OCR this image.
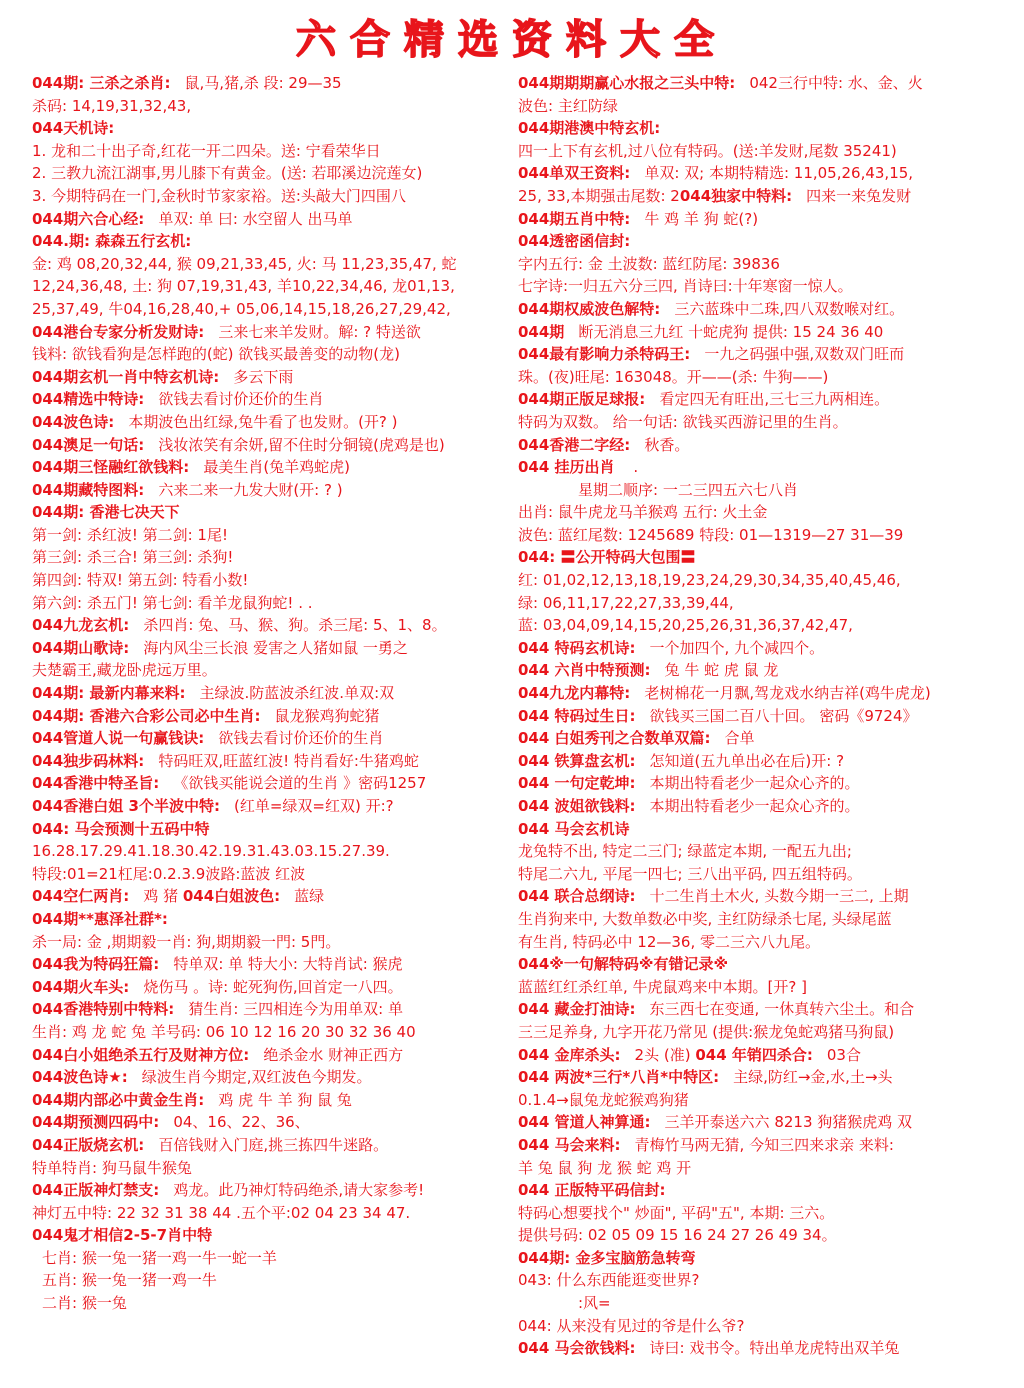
六合精选资料大全
044期: 三杀之杀肖: 鼠,马,猪,杀 段: 29—35
杀码: 14,19,31,32,43,
044天机诗:
1. 龙和二十出子奇,红花一开二四朵。送: 宁看荣华日
2. 三教九流江湖事,男儿膝下有黄金。(送: 若耶溪边浣莲女)
3. 今期特码在一门,金秋时节家家裕。送:头敲大门四围八
044期六合心经: 单双: 单 曰: 水空留人 出马单
044.期: 森森五行玄机:
金: 鸡 08,20,32,44, 猴 09,21,33,45, 火: 马 11,23,35,47, 蛇
12,24,36,48, 土: 狗 07,19,31,43, 羊10,22,34,46, 龙01,13,
25,37,49, 牛04,16,28,40,+ 05,06,14,15,18,26,27,29,42,
044港台专家分析发财诗: 三来七来羊发财。解: ? 特送欲
钱料: 欲钱看狗是怎样跑的(蛇) 欲钱买最善变的动物(龙)
044期玄机一肖中特玄机诗: 多云下雨
044精选中特诗: 欲钱去看讨价还价的生肖
044波色诗: 本期波色出红绿,兔牛看了也发财。(开? )
044澳足一句话: 浅妆浓笑有余妍,留不住时分铜镜(虎鸡是也)
044期三怪融红欲钱料: 最美生肖(兔羊鸡蛇虎)
044期藏特图料: 六来二来一九发大财(开: ? )
044期: 香港七决天下
第一剑: 杀红波! 第二剑: 1尾!
第三剑: 杀三合! 第三剑: 杀狗!
第四剑: 特双! 第五剑: 特看小数!
第六剑: 杀五门! 第七剑: 看羊龙鼠狗蛇! . .
044九龙玄机: 杀四肖: 兔、马、猴、狗。杀三尾: 5、1、8。
044期山歌诗: 海内风尘三长浪 爱害之人猪如鼠 一勇之
夫楚霸王,藏龙卧虎远万里。
044期: 最新内幕来料: 主绿波.防蓝波杀红波.单双:双
044期: 香港六合彩公司必中生肖: 鼠龙猴鸡狗蛇猪
044管道人说一句赢钱诀: 欲钱去看讨价还价的生肖
044独步码林料: 特码旺双,旺蓝红波! 特肖看好:牛猪鸡蛇
044香港中特圣旨: 《欲钱买能说会道的生肖 》密码1257
044香港白姐 3个半波中特: (红单=绿双=红双) 开:?
044: 马会预测十五码中特
16.28.17.29.41.18.30.42.19.31.43.03.15.27.39.
特段:01=21杠尾:0.2.3.9波路:蓝波 红波
044空仁两肖: 鸡 猪 044白姐波色: 蓝绿
044期**惠泽社群*:
杀一局: 金 ,期期毅一肖: 狗,期期毅一門: 5門。
044我为特码狂篇: 特单双: 单 特大小: 大特肖试: 猴虎
044期火车头: 烧伤马 。诗: 蛇死狗伤,回首定一八四。
044香港特别中特料: 猜生肖: 三四相连今为用单双: 单
生肖: 鸡 龙 蛇 兔 羊号码: 06 10 12 16 20 30 32 36 40
044白小姐绝杀五行及财神方位: 绝杀金水 财神正西方
044波色诗★: 绿波生肖今期定,双红波色今期发。
044期内部必中黄金生肖: 鸡 虎 牛 羊 狗 鼠 兔
044期预测四码中: 04、16、22、36、
044正版烧玄机: 百倍钱财入门庭,挑三拣四牛迷路。
特单特肖: 狗马鼠牛猴兔
044正版神灯禁支: 鸡龙。此乃神灯特码绝杀,请大家参考!
神灯五中特: 22 32 31 38 44 .五个平:02 04 23 34 47.
044鬼才相信2-5-7肖中特
七肖: 猴一兔一猪一鸡一牛一蛇一羊
五肖: 猴一兔一猪一鸡一牛
二肖: 猴一兔
044期期期赢心水报之三头中特: 042三行中特: 水、金、火
波色: 主红防绿
044期港澳中特玄机:
四一上下有玄机,过八位有特码。(送:羊发财,尾数 35241)
044单双王资料: 单双: 双; 本期特精选: 11,05,26,43,15,
25, 33,本期强击尾数: 2044独家中特料: 四来一来兔发财
044期五肖中特: 牛 鸡 羊 狗 蛇(?)
044透密函信封:
字内五行: 金 土波数: 蓝红防尾: 39836
七字诗:一归五六分三四, 肖诗曰:十年寒窗一惊人。
044期权威波色解特: 三六蓝珠中二珠,四八双数喉对红。
044期 断无消息三九红 十蛇虎狗 提供: 15 24 36 40
044最有影响力杀特码王: 一九之码强中强,双数双门旺而
珠。(夜)旺尾: 163048。开——(杀: 牛狗——)
044期正版足球报: 看定四无有旺出,三七三九两相连。
特码为双数。 给一句话: 欲钱买西游记里的生肖。
044香港二字经: 秋香。
044 挂历出肖 .
星期二顺序: 一二三四五六七八肖
出肖: 鼠牛虎龙马羊猴鸡 五行: 火土金
波色: 蓝红尾数: 1245689 特段: 01—1319—27 31—39
044: 〓公开特码大包围〓
红: 01,02,12,13,18,19,23,24,29,30,34,35,40,45,46,
绿: 06,11,17,22,27,33,39,44,
蓝: 03,04,09,14,15,20,25,26,31,36,37,42,47,
044 特码玄机诗: 一个加四个, 九个减四个。
044 六肖中特预测: 兔 牛 蛇 虎 鼠 龙
044九龙内幕特: 老树棉花一月飘,驾龙戏水纳吉祥(鸡牛虎龙)
044 特码过生日: 欲钱买三国二百八十回。 密码《9724》
044 白姐秀刊之合数单双篇: 合单
044 铁算盘玄机: 怎知道(五九单出必在后)开: ?
044 一句定乾坤: 本期出特看老少一起众心齐的。
044 波姐欲钱料: 本期出特看老少一起众心齐的。
044 马会玄机诗
龙兔特不出, 特定二三门; 绿蓝定本期, 一配五九出;
特尾二六九, 平尾一四七; 三八出平码, 四五组特码。
044 联合总纲诗: 十二生肖土木火, 头数今期一三二, 上期
生肖狗来中, 大数单数必中奖, 主红防绿杀七尾, 头绿尾蓝
有生肖, 特码必中 12—36, 零二三六八九尾。
044※一句解特码※有错记录※
蓝蓝红红杀红单, 牛虎鼠鸡来中本期。[开? ]
044 藏金打油诗: 东三西七在变通, 一休真转六尘土。和合
三三足养身, 九字开花乃常见 (提供:猴龙兔蛇鸡猪马狗鼠)
044 金库杀头: 2头 (准) 044 年销四杀合: 03合
044 两波*三行*八肖*中特区: 主绿,防红→金,水,土→头
0.1.4→鼠兔龙蛇猴鸡狗猪
044 管道人神算通: 三羊开泰送六六 8213 狗猪猴虎鸡 双
044 马会来料: 青梅竹马两无猜, 今知三四来求亲 来料:
羊 兔 鼠 狗 龙 猴 蛇 鸡 开
044 正版特平码信封:
特码心想要找个" 炒面", 平码"五", 本期: 三六。
提供号码: 02 05 09 15 16 24 27 26 49 34。
044期: 金多宝脑筋急转弯
043: 什么东西能逛变世界?
:风=
044: 从来没有见过的爷是什么爷?
044 马会欲钱料: 诗曰: 戏书令。特出单龙虎特出双羊兔
